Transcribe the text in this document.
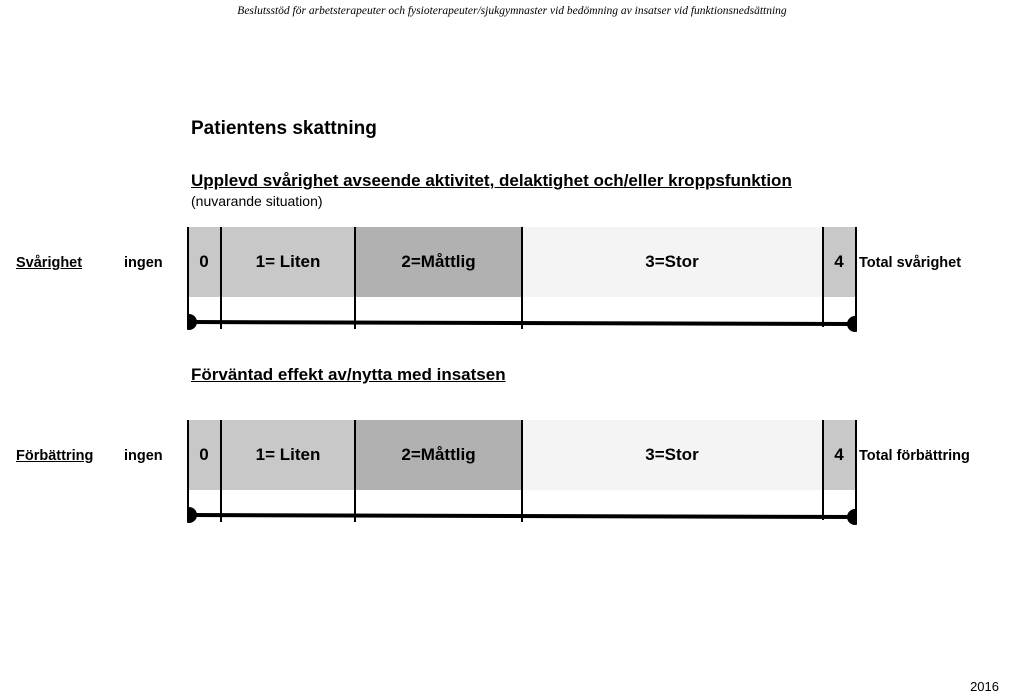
Beslutsstöd för arbetsterapeuter och fysioterapeuter/sjukgymnaster vid bedömning av insatser vid funktionsnedsättning
Patientens skattning
Upplevd svårighet avseende aktivitet, delaktighet och/eller kroppsfunktion
(nuvarande situation)
Svårighet	ingen	Total svårighet
0	1= Liten	2=Måttlig	3=Stor	4
Förväntad effekt av/nytta med insatsen
Förbättring ingen	Total förbättring
0	1= Liten	2=Måttlig	3=Stor	4
2016
